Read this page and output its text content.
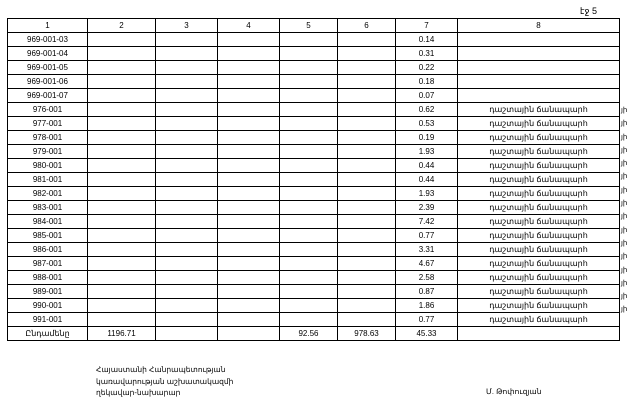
էջ 5
1	2	3	4	5	6	7	8
969-001-03						0.14	
969-001-04						0.31	
969-001-05						0.22	
969-001-06						0.18	
969-001-07						0.07	
976-001						0.62	դաշտային ճանապարհ
977-001						0.53	դաշտային ճանապարհ
978-001						0.19	դաշտային ճանապարհ
979-001						1.93	դաշտային ճանապարհ
980-001						0.44	դաշտային ճանապարհ
981-001						0.44	դաշտային ճանապարհ
982-001						1.93	դաշտային ճանապարհ
983-001						2.39	դաշտային ճանապարհ
984-001						7.42	դաշտային ճանապարհ
985-001						0.77	դաշտային ճանապարհ
986-001						3.31	դաշտային ճանապարհ
987-001						4.67	դաշտային ճանապարհ
988-001						2.58	դաշտային ճանապարհ
989-001						0.87	դաշտային ճանապարհ
990-001						1.86	դաշտային ճանապարհ
991-001						0.77	դաշտային ճանապարհ
Ընդամենը	1196.71			92.56	978.63	45.33	
յի
յի
յի
յի
յի
յի
յի
յի
յի
յի
յի
յի
յի
յի
յի
յի
Հայաստանի Հանրապետության
կառավարության աշխատակազմի
ղեկավար-նախարար	Մ. Թոփուզյան
